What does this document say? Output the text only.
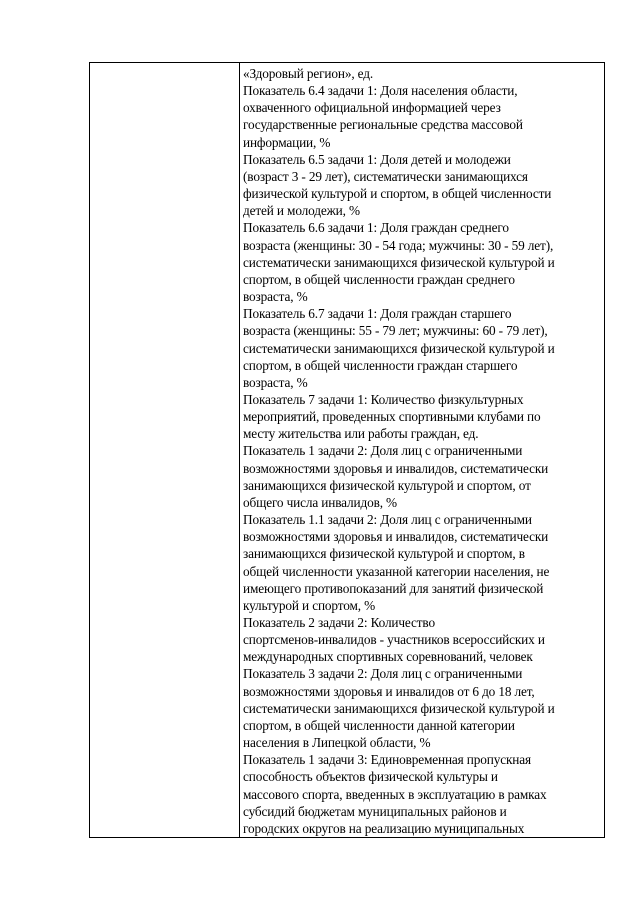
«Здоровый регион», ед.
Показатель 6.4 задачи 1: Доля населения области,
охваченного официальной информацией через
государственные региональные средства массовой
информации, %
Показатель 6.5 задачи 1: Доля детей и молодежи
(возраст 3 - 29 лет), систематически занимающихся
физической культурой и спортом, в общей численности
детей и молодежи, %
Показатель 6.6 задачи 1: Доля граждан среднего
возраста (женщины: 30 - 54 года; мужчины: 30 - 59 лет),
систематически занимающихся физической культурой и
спортом, в общей численности граждан среднего
возраста, %
Показатель 6.7 задачи 1: Доля граждан старшего
возраста (женщины: 55 - 79 лет; мужчины: 60 - 79 лет),
систематически занимающихся физической культурой и
спортом, в общей численности граждан старшего
возраста, %
Показатель 7 задачи 1: Количество физкультурных
мероприятий, проведенных спортивными клубами по
месту жительства или работы граждан, ед.
Показатель 1 задачи 2: Доля лиц с ограниченными
возможностями здоровья и инвалидов, систематически
занимающихся физической культурой и спортом, от
общего числа инвалидов, %
Показатель 1.1 задачи 2: Доля лиц с ограниченными
возможностями здоровья и инвалидов, систематически
занимающихся физической культурой и спортом, в
общей численности указанной категории населения, не
имеющего противопоказаний для занятий физической
культурой и спортом, %
Показатель 2 задачи 2: Количество
спортсменов-инвалидов - участников всероссийских и
международных спортивных соревнований, человек
Показатель 3 задачи 2: Доля лиц с ограниченными
возможностями здоровья и инвалидов от 6 до 18 лет,
систематически занимающихся физической культурой и
спортом, в общей численности данной категории
населения в Липецкой области, %
Показатель 1 задачи 3: Единовременная пропускная
способность объектов физической культуры и
массового спорта, введенных в эксплуатацию в рамках
субсидий бюджетам муниципальных районов и
городских округов на реализацию муниципальных
